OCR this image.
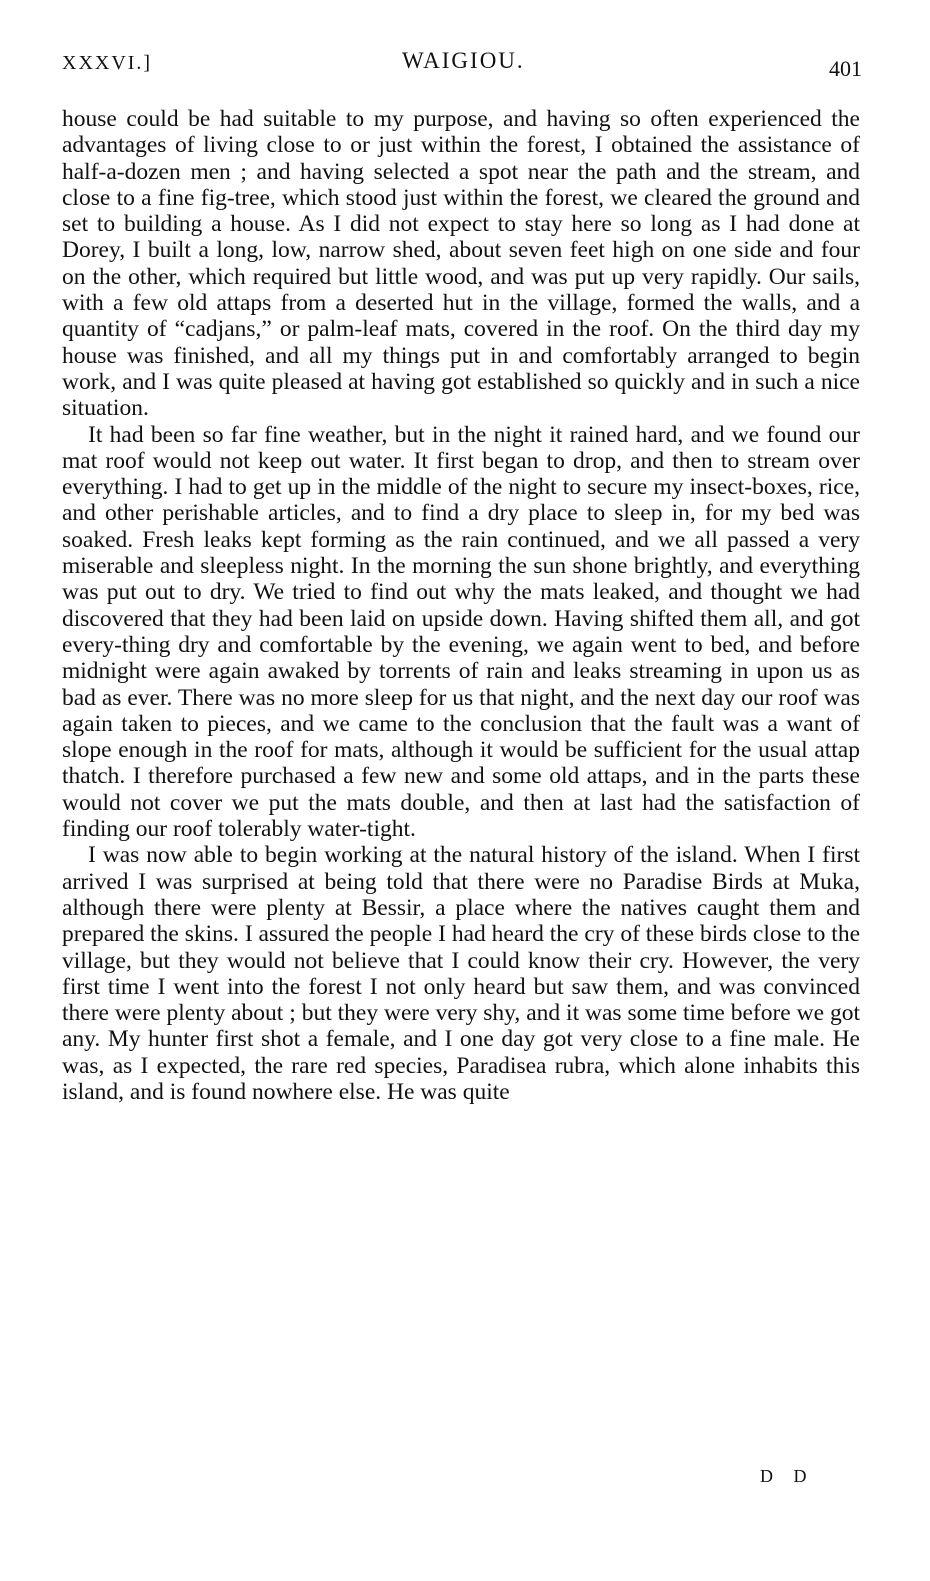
XXXVI.]	WAIGIOU.	401

house could be had suitable to my purpose, and having so often experienced the advantages of living close to or just within the forest, I obtained the assistance of half-a-dozen men ; and having selected a spot near the path and the stream, and close to a fine fig-tree, which stood just within the forest, we cleared the ground and set to building a house. As I did not expect to stay here so long as I had done at Dorey, I built a long, low, narrow shed, about seven feet high on one side and four on the other, which required but little wood, and was put up very rapidly. Our sails, with a few old attaps from a deserted hut in the village, formed the walls, and a quantity of “cadjans,” or palm-leaf mats, covered in the roof. On the third day my house was finished, and all my things put in and comfortably arranged to begin work, and I was quite pleased at having got established so quickly and in such a nice situation.

It had been so far fine weather, but in the night it rained hard, and we found our mat roof would not keep out water. It first began to drop, and then to stream over everything. I had to get up in the middle of the night to secure my insect-boxes, rice, and other perishable articles, and to find a dry place to sleep in, for my bed was soaked. Fresh leaks kept forming as the rain continued, and we all passed a very miserable and sleepless night. In the morning the sun shone brightly, and everything was put out to dry. We tried to find out why the mats leaked, and thought we had discovered that they had been laid on upside down. Having shifted them all, and got every-thing dry and comfortable by the evening, we again went to bed, and before midnight were again awaked by torrents of rain and leaks streaming in upon us as bad as ever. There was no more sleep for us that night, and the next day our roof was again taken to pieces, and we came to the conclusion that the fault was a want of slope enough in the roof for mats, although it would be sufficient for the usual attap thatch. I therefore purchased a few new and some old attaps, and in the parts these would not cover we put the mats double, and then at last had the satisfaction of finding our roof tolerably water-tight.

I was now able to begin working at the natural history of the island. When I first arrived I was surprised at being told that there were no Paradise Birds at Muka, although there were plenty at Bessir, a place where the natives caught them and prepared the skins. I assured the people I had heard the cry of these birds close to the village, but they would not believe that I could know their cry. However, the very first time I went into the forest I not only heard but saw them, and was convinced there were plenty about ; but they were very shy, and it was some time before we got any. My hunter first shot a female, and I one day got very close to a fine male. He was, as I expected, the rare red species, Paradisea rubra, which alone inhabits this island, and is found nowhere else. He was quite

D D
